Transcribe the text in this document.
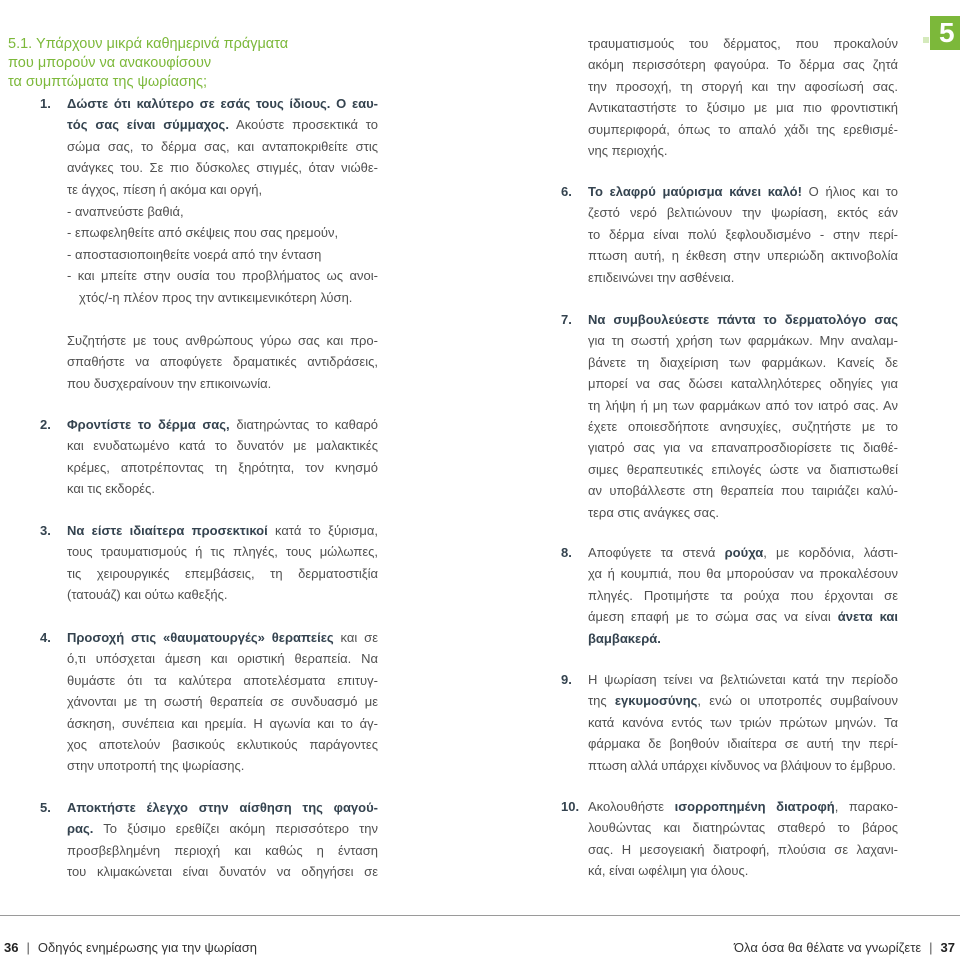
5
5.1. Υπάρχουν μικρά καθημερινά πράγματα
που μπορούν να ανακουφίσουν
τα συμπτώματα της ψωρίασης;
1.	Δώστε ότι καλύτερο σε εσάς τους ίδιους. Ο εαυ-
τός σας είναι σύμμαχος. Ακούστε προσεκτικά το
σώμα σας, το δέρμα σας, και ανταποκριθείτε στις
ανάγκες του. Σε πιο δύσκολες στιγμές, όταν νιώθε-
τε άγχος, πίεση ή ακόμα και οργή,
- αναπνεύστε βαθιά,
- επωφεληθείτε από σκέψεις που σας ηρεμούν,
- αποστασιοποιηθείτε νοερά από την ένταση
- και μπείτε στην ουσία του προβλήματος ως ανοι-
χτός/-η πλέον προς την αντικειμενικότερη λύση.
Συζητήστε με τους ανθρώπους γύρω σας και προ-
σπαθήστε να αποφύγετε δραματικές αντιδράσεις,
που δυσχεραίνουν την επικοινωνία.
2.	Φροντίστε το δέρμα σας, διατηρώντας το καθαρό
και ενυδατωμένο κατά το δυνατόν με μαλακτικές
κρέμες, αποτρέποντας τη ξηρότητα, τον κνησμό
και τις εκδορές.
3.	Να είστε ιδιαίτερα προσεκτικοί κατά το ξύρισμα,
τους τραυματισμούς ή τις πληγές, τους μώλωπες,
τις χειρουργικές επεμβάσεις, τη δερματοστιξία
(τατουάζ) και ούτω καθεξής.
4.	Προσοχή στις «θαυματουργές» θεραπείες και σε
ό,τι υπόσχεται άμεση και οριστική θεραπεία. Να
θυμάστε ότι τα καλύτερα αποτελέσματα επιτυγ-
χάνονται με τη σωστή θεραπεία σε συνδυασμό με
άσκηση, συνέπεια και ηρεμία. Η αγωνία και το άγ-
χος αποτελούν βασικούς εκλυτικούς παράγοντες
στην υποτροπή της ψωρίασης.
5.	Αποκτήστε έλεγχο στην αίσθηση της φαγού-
ρας. Το ξύσιμο ερεθίζει ακόμη περισσότερο την
προσβεβλημένη περιοχή και καθώς η ένταση
του κλιμακώνεται είναι δυνατόν να οδηγήσει σε
τραυματισμούς του δέρματος, που προκαλούν
ακόμη περισσότερη φαγούρα. Το δέρμα σας ζητά
την προσοχή, τη στοργή και την αφοσίωσή σας.
Αντικαταστήστε το ξύσιμο με μια πιο φροντιστική
συμπεριφορά, όπως το απαλό χάδι της ερεθισμέ-
νης περιοχής.
6.	Το ελαφρύ μαύρισμα κάνει καλό! Ο ήλιος και το
ζεστό νερό βελτιώνουν την ψωρίαση, εκτός εάν
το δέρμα είναι πολύ ξεφλουδισμένο - στην περί-
πτωση αυτή, η έκθεση στην υπεριώδη ακτινοβολία
επιδεινώνει την ασθένεια.
7.	Να συμβουλεύεστε πάντα το δερματολόγο σας
για τη σωστή χρήση των φαρμάκων. Μην αναλαμ-
βάνετε τη διαχείριση των φαρμάκων. Κανείς δε
μπορεί να σας δώσει καταλληλότερες οδηγίες για
τη λήψη ή μη των φαρμάκων από τον ιατρό σας. Αν
έχετε οποιεσδήποτε ανησυχίες, συζητήστε με το
γιατρό σας για να επαναπροσδιορίσετε τις διαθέ-
σιμες θεραπευτικές επιλογές ώστε να διαπιστωθεί
αν υποβάλλεστε στη θεραπεία που ταιριάζει καλύ-
τερα στις ανάγκες σας.
8.	Αποφύγετε τα στενά ρούχα, με κορδόνια, λάστι-
χα ή κουμπιά, που θα μπορούσαν να προκαλέσουν
πληγές. Προτιμήστε τα ρούχα που έρχονται σε
άμεση επαφή με το σώμα σας να είναι άνετα και
βαμβακερά.
9.	Η ψωρίαση τείνει να βελτιώνεται κατά την περίοδο
της εγκυμοσύνης, ενώ οι υποτροπές συμβαίνουν
κατά κανόνα εντός των τριών πρώτων μηνών. Τα
φάρμακα δε βοηθούν ιδιαίτερα σε αυτή την περί-
πτωση αλλά υπάρχει κίνδυνος να βλάψουν το έμβρυο.
10. Ακολουθήστε ισορροπημένη διατροφή, παρακο-
λουθώντας και διατηρώντας σταθερό το βάρος
σας. Η μεσογειακή διατροφή, πλούσια σε λαχανι-
κά, είναι ωφέλιμη για όλους.
36 | Οδηγός ενημέρωσης για την ψωρίαση	Όλα όσα θα θέλατε να γνωρίζετε | 37
